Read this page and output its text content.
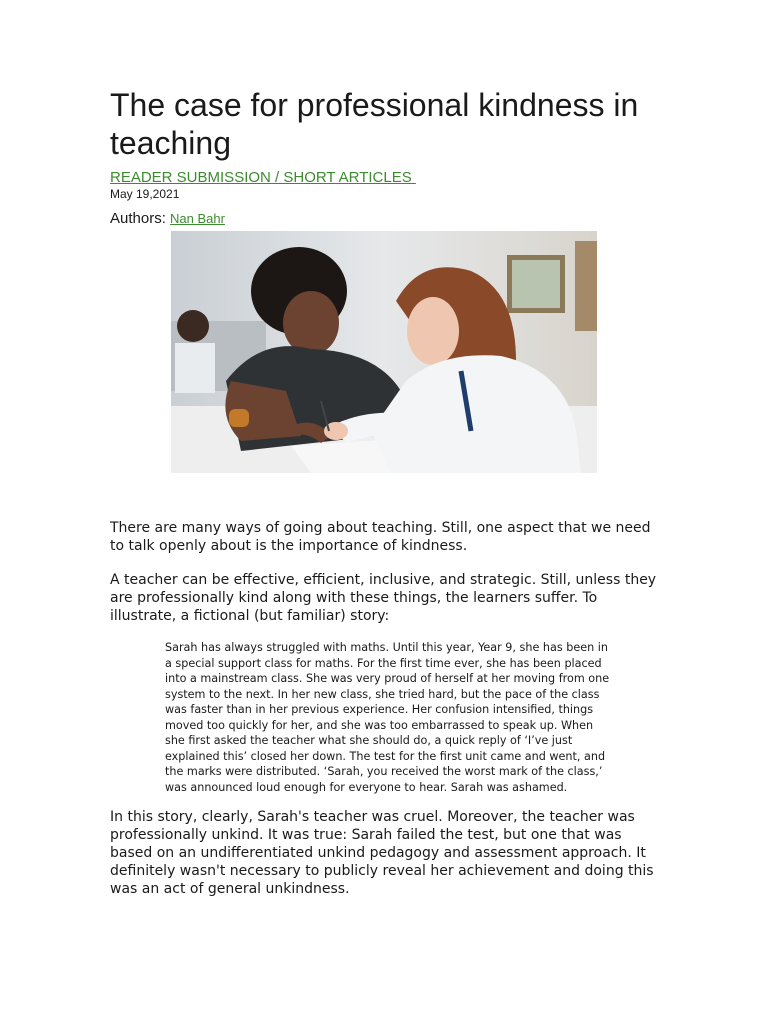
The case for professional kindness in teaching
READER SUBMISSION / SHORT ARTICLES
May 19,2021
Authors: Nan Bahr

There are many ways of going about teaching. Still, one aspect that we need to talk openly about is the importance of kindness.

A teacher can be effective, efficient, inclusive, and strategic. Still, unless they are professionally kind along with these things, the learners suffer. To illustrate, a fictional (but familiar) story:

Sarah has always struggled with maths. Until this year, Year 9, she has been in a special support class for maths. For the first time ever, she has been placed into a mainstream class. She was very proud of herself at her moving from one system to the next. In her new class, she tried hard, but the pace of the class was faster than in her previous experience. Her confusion intensified, things moved too quickly for her, and she was too embarrassed to speak up. When she first asked the teacher what she should do, a quick reply of ‘I’ve just explained this’ closed her down. The test for the first unit came and went, and the marks were distributed. ‘Sarah, you received the worst mark of the class,’ was announced loud enough for everyone to hear. Sarah was ashamed.

In this story, clearly, Sarah's teacher was cruel. Moreover, the teacher was professionally unkind. It was true: Sarah failed the test, but one that was based on an undifferentiated unkind pedagogy and assessment approach. It definitely wasn't necessary to publicly reveal her achievement and doing this was an act of general unkindness.
